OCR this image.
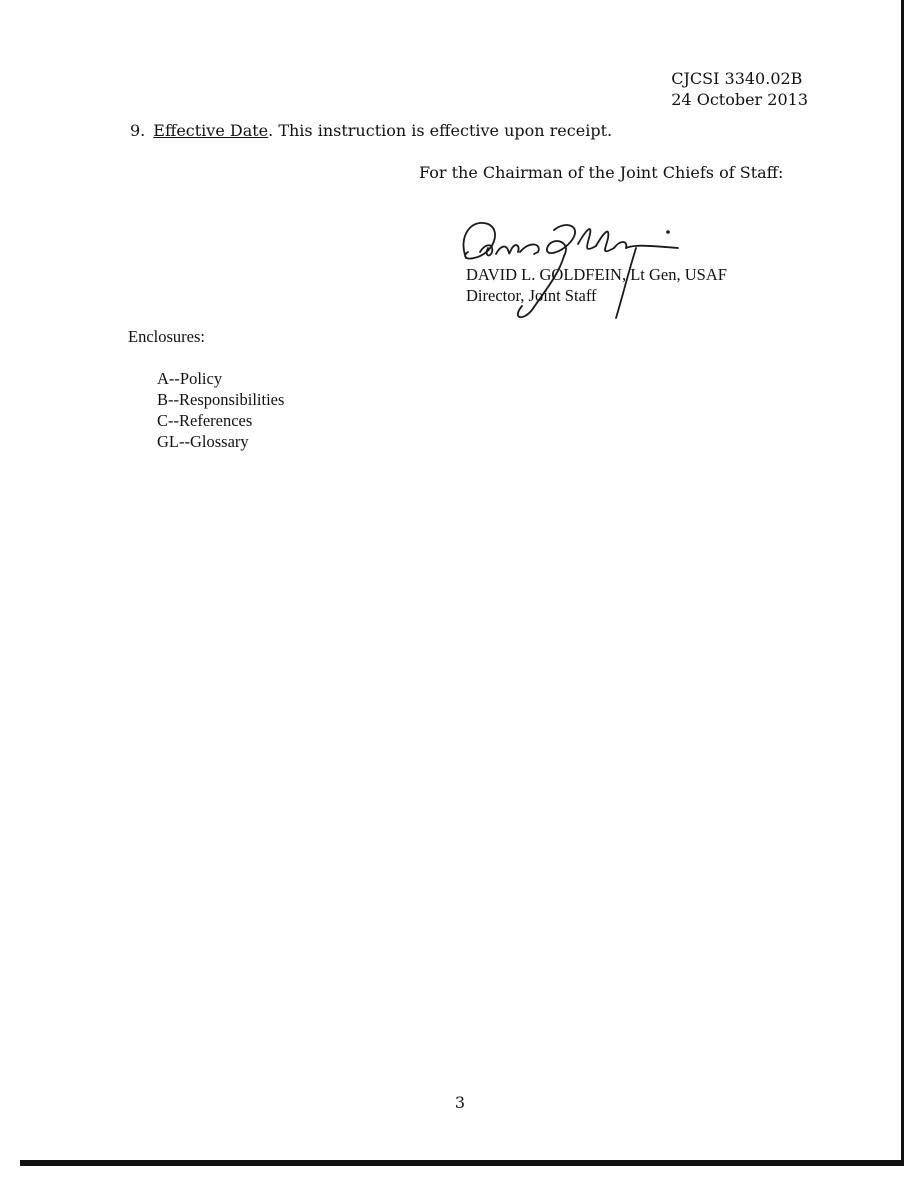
CJCSI 3340.02B
24 October 2013
9. Effective Date. This instruction is effective upon receipt.
For the Chairman of the Joint Chiefs of Staff:
DAVID L. GOLDFEIN, Lt Gen, USAF
Director, Joint Staff
Enclosures:
A--Policy
B--Responsibilities
C--References
GL--Glossary
3
